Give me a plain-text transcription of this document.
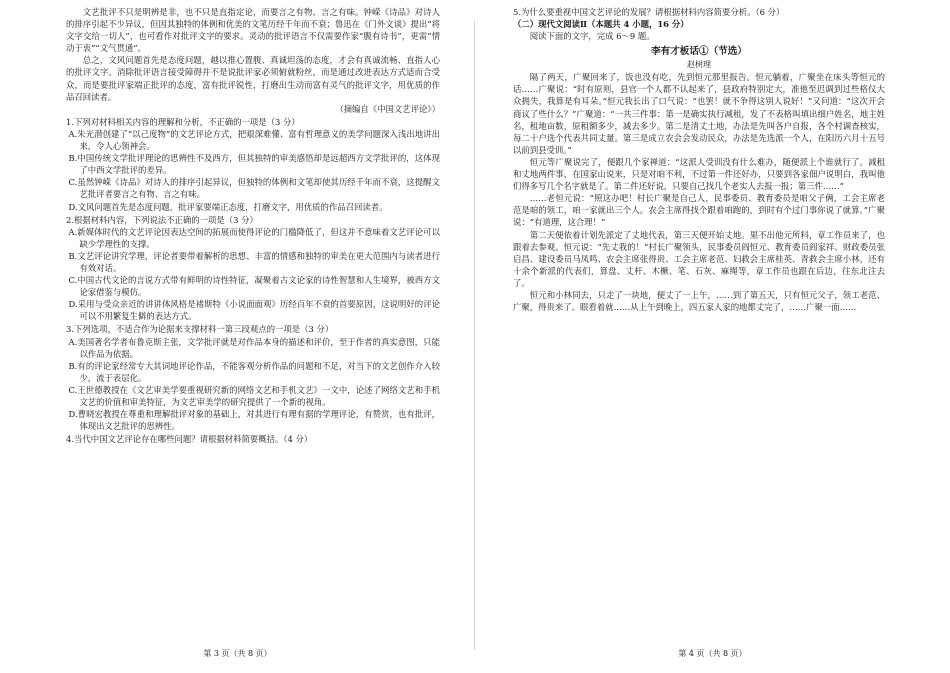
文艺批评不只是明辨是非，也不只是直指定论，而要言之有物、言之有味。钟嵘《诗品》对诗人的排序引起不少异议，但因其独特的体例和优美的文笔历经千年而不衰；鲁迅在《门外文谈》提出“将文字交给一切人”，也可看作对批评文字的要求。灵动的批评语言不仅需要作家“腹有诗书”，更需“情动于衷”“文气贯通”。

总之，文风问题首先是态度问题，越以推心置腹、真诚坦荡的态度，才会有真诚流畅、直指人心的批评文字。消除批评语言接受障碍并不是说批评家必须俯就粉丝，而是通过改进表达方式适而合受众，而是要批评家端正批评的态度，富有批评锐性，打磨出生动而富有灵气的批评文字，用优质的作品召回读者。

（摘编自《中国文艺评论》）

1.下列对材料相关内容的理解和分析，不正确的一项是（3 分）

A.朱光潜创建了“以己度物”的文艺评论方式，把艰深难懂、富有哲理意义的美学问题深入浅出地讲出来，令人心领神会。

B.中国传统文学批评理论的思辨性不及西方，但其独特的审美感悟却是远超西方文学批评的，这体现了中西文学批评的差异。

C.虽然钟嵘《诗品》对诗人的排序引起异议，但独特的体例和文笔却使其历经千年而不衰，这提醒文艺批评者要言之有物、言之有味。

D.文风问题首先是态度问题，批评家要端正态度，打磨文字，用优质的作品召回读者。

2.根据材料内容，下列说法不正确的一项是（3 分）

A.新媒体时代的文艺评论因表达空间的拓展而使得评论的门槛降低了，但这并不意味着文艺评论可以缺少学理性的支撑。

B.文艺评论讲究学理，评论者要带着解析的思想、丰富的情感和独特的审美在更大范围内与读者进行有效对话。

C.中国古代文论的言说方式带有鲜明的诗性特征，凝聚着古文论家的诗性智慧和人生境界，被西方文论家借鉴与模仿。

D.采用与受众亲近的讲讲体风格是褚斯特《小说面面观》历经百年不衰的首要原因，这说明好的评论可以不用繁复生僻的表达方式。

3.下列选项，不适合作为论据来支撑材料一第三段观点的一项是（3 分）

A.美国著名学者布鲁克斯主张，文学批评就是对作品本身的描述和评价，至于作者的真实意图，只能以作品为依据。

B.有的评论家经常专大其词地评论作品，不能客观分析作品的问题和不足，对当下的文艺创作介入较少，流于表层化。

C.王世德教授在《文艺审美学要重视研究新的网络文艺和手机文艺》一文中，论述了网络文艺和手机文艺的价值和审美特征，为文艺审美学的研究提供了一个新的视角。

D.曹晓宏教授在尊重和理解批评对象的基础上，对其进行有理有据的学理评论，有赞赏，也有批评，体现出文艺批评的思辨性。

4.当代中国文艺评论存在哪些问题？请根据材料简要概括。（4 分）

第 3 页（共 8 页）

5.为什么要重视中国文艺评论的发展？请根据材料内容简要分析。（6 分）

（二）现代文阅读Ⅱ（本题共 4 小题，16 分）

阅读下面的文字，完成 6～9 题。

李有才板话①（节选）
赵树理

隔了两天，广聚回来了，饭也没有吃，先到恒元那里报告。恒元躺着，广聚坐在床头等恒元的话……广聚说：“时有原则，县官一个人都不认起来了，县政府特别定大，准他至迟调到过些格仪大众拥失，我算是有耳朵。”恒元我长出了口气说：“也罢！就不争得这别人说好！”又问道：“这次开会商议了些什么？”广聚道：“一共三件事：第一是确实执行减租，发了不表格叫填出细户姓名，地主姓名，租地亩数，原租额多少，减去多少。第二是清丈土地，办法是先叫各户自报，各个村调查核实，每二十户选个代表共同丈量。第三是成立农会会发动民众，办法是先选派一个人，在阳历六月十五号以前到县受训。”

恒元等广聚说完了，便跟几个家禅道：“这派人受训没有什么难办，随便派上个谁就行了。减租和丈地两件事，在国家山说来，只是对咱不利，不过第一件还好办，只要到各家佃户说明白，我叫他们得多写几个名字就是了。第二件还好说，只要自己找几个老实人去报一报；第三件……”

……老恒元说：“照这办吧！村长广聚是自己人，民事委员、教育委员是咱父子俩，工会主席老范是咱的领工，咱一家就出三个人。农会主席得找个跟着咱跑的，到时有个过门事你说了就算。”广聚说：“有道理，这合理！”

第二天便依着计划先派定了丈地代表，第三天便开始丈地。果不出他元所料，章工作员来了，也跟着去参观。恒元说：“先丈我的！”村长广聚领头，民事委员阎恒元、教育委员阎家祥、财政委员张启昌、建设委员马凤鸣、农会主席张得贵、工会主席老范、妇救会主席桂英、青救会主席小林，还有十余个新派的代表们，算盘、丈杆、木橛、笔、石灰、麻绳等，章工作员也跟在后边，往东北注去了。

恒元和小林同去，只走了一块地，便丈了一上午，……到了第五天，只有恒元父子，领工老范、广聚，得贵来了。眼看着就……从上午到晚上，四五家人家的地都丈完了，……广聚一面……

第 4 页（共 8 页）
